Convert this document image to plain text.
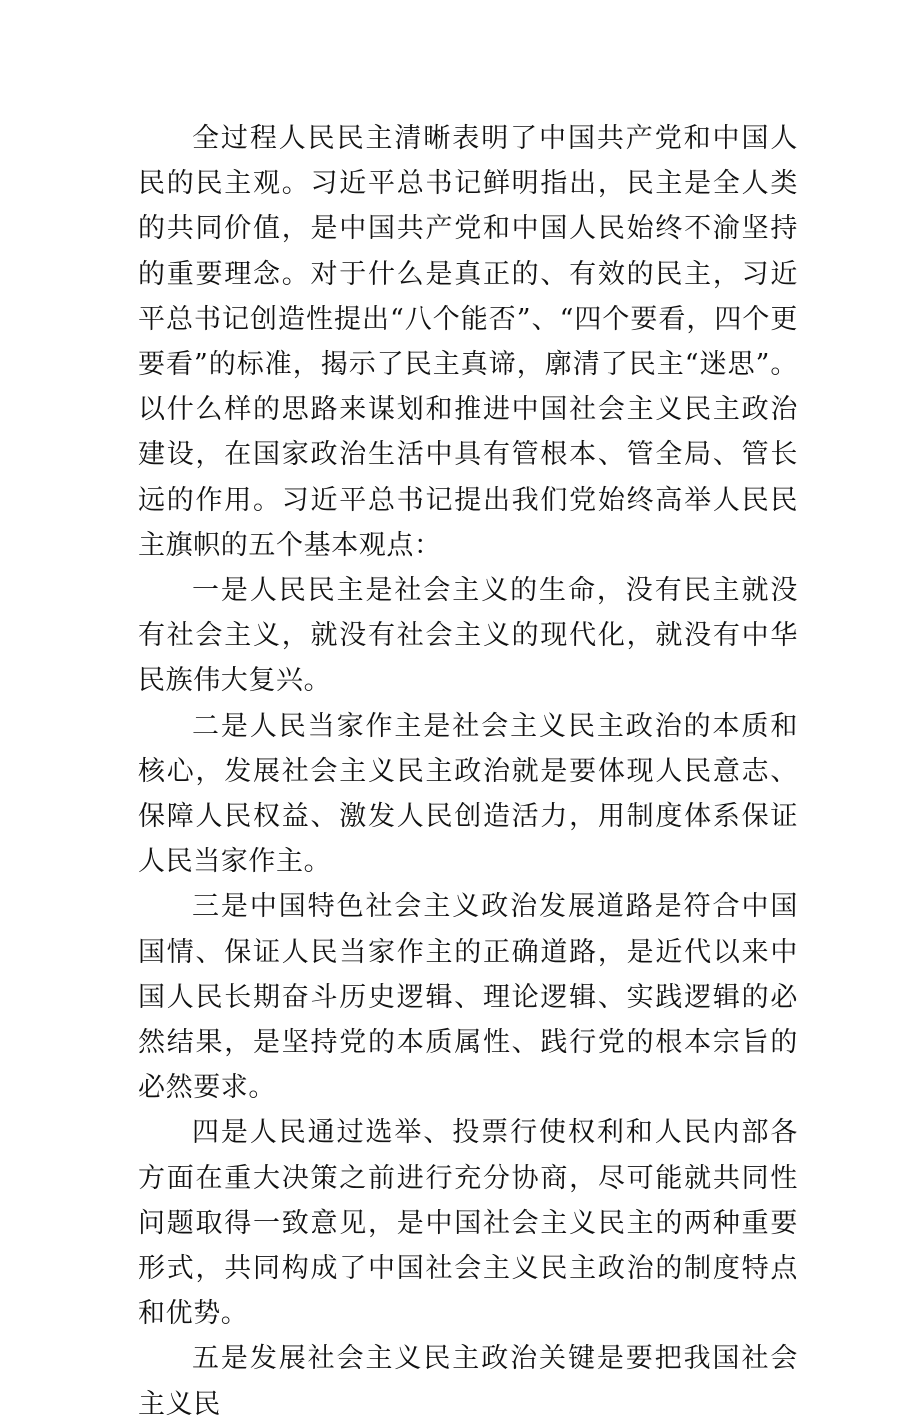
全过程人民民主清晰表明了中国共产党和中国人民的民主观。习近平总书记鲜明指出，民主是全人类的共同价值，是中国共产党和中国人民始终不渝坚持的重要理念。对于什么是真正的、有效的民主，习近平总书记创造性提出“八个能否”、“四个要看，四个更要看”的标准，揭示了民主真谛，廓清了民主“迷思”。以什么样的思路来谋划和推进中国社会主义民主政治建设，在国家政治生活中具有管根本、管全局、管长远的作用。习近平总书记提出我们党始终高举人民民主旗帜的五个基本观点：

一是人民民主是社会主义的生命，没有民主就没有社会主义，就没有社会主义的现代化，就没有中华民族伟大复兴。

二是人民当家作主是社会主义民主政治的本质和核心，发展社会主义民主政治就是要体现人民意志、保障人民权益、激发人民创造活力，用制度体系保证人民当家作主。

三是中国特色社会主义政治发展道路是符合中国国情、保证人民当家作主的正确道路，是近代以来中国人民长期奋斗历史逻辑、理论逻辑、实践逻辑的必然结果，是坚持党的本质属性、践行党的根本宗旨的必然要求。

四是人民通过选举、投票行使权利和人民内部各方面在重大决策之前进行充分协商，尽可能就共同性问题取得一致意见，是中国社会主义民主的两种重要形式，共同构成了中国社会主义民主政治的制度特点和优势。

五是发展社会主义民主政治关键是要把我国社会主义民
